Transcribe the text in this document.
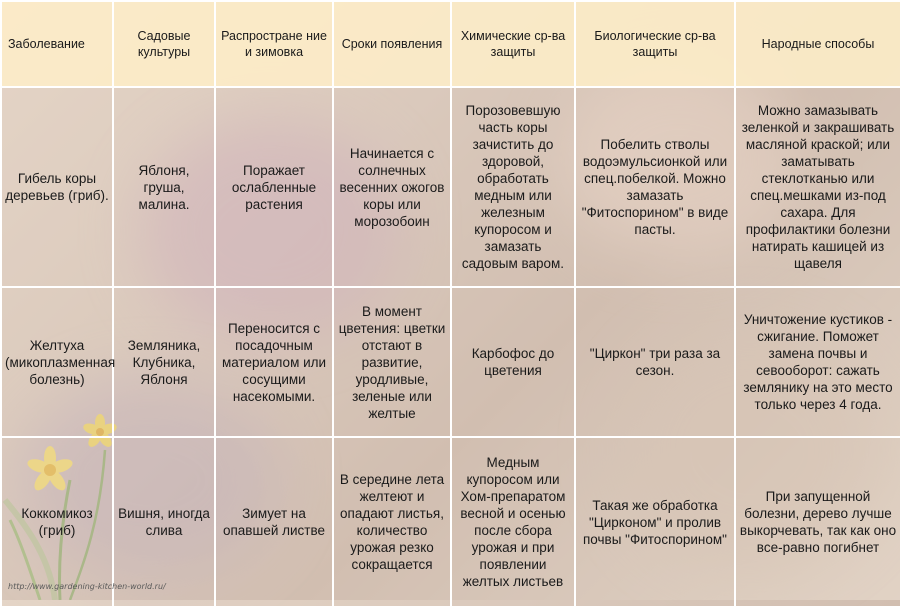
Заболевание	Садовые культуры	Распростране ние и зимовка	Сроки появления	Химические ср-ва защиты	Биологические ср-ва защиты	Народные способы
Гибель коры деревьев (гриб).	Яблоня, груша, малина.	Поражает ослабленные растения	Начинается с солнечных весенних ожогов коры или морозобоин	Порозовевшую часть коры зачистить до здоровой, обработать медным или железным купоросом и замазать садовым варом.	Побелить стволы водоэмульсионкой или спец.побелкой. Можно замазать "Фитоспорином" в виде пасты.	Можно замазывать зеленкой и закрашивать масляной краской; или заматывать стеклотканью или спец.мешками из-под сахара. Для профилактики болезни натирать кашицей из щавеля
Желтуха (микоплазменная болезнь)	Земляника, Клубника, Яблоня	Переносится с посадочным материалом или сосущими насекомыми.	В момент цветения: цветки отстают в развитие, уродливые, зеленые или желтые	Карбофос до цветения	"Циркон" три раза за сезон.	Уничтожение кустиков - сжигание. Поможет замена почвы и севооборот: сажать землянику на это место только через 4 года.
Коккомикоз (гриб)	Вишня, иногда слива	Зимует на опавшей листве	В середине лета желтеют и опадают листья, количество урожая резко сокращается	Медным купоросом или Хом-препаратом весной и осенью после сбора урожая и при появлении желтых листьев	Такая же обработка "Цирконом" и пролив почвы "Фитоспорином"	При запущенной болезни, дерево лучше выкорчевать, так как оно все-равно погибнет
http://www.gardening-kitchen-world.ru/
